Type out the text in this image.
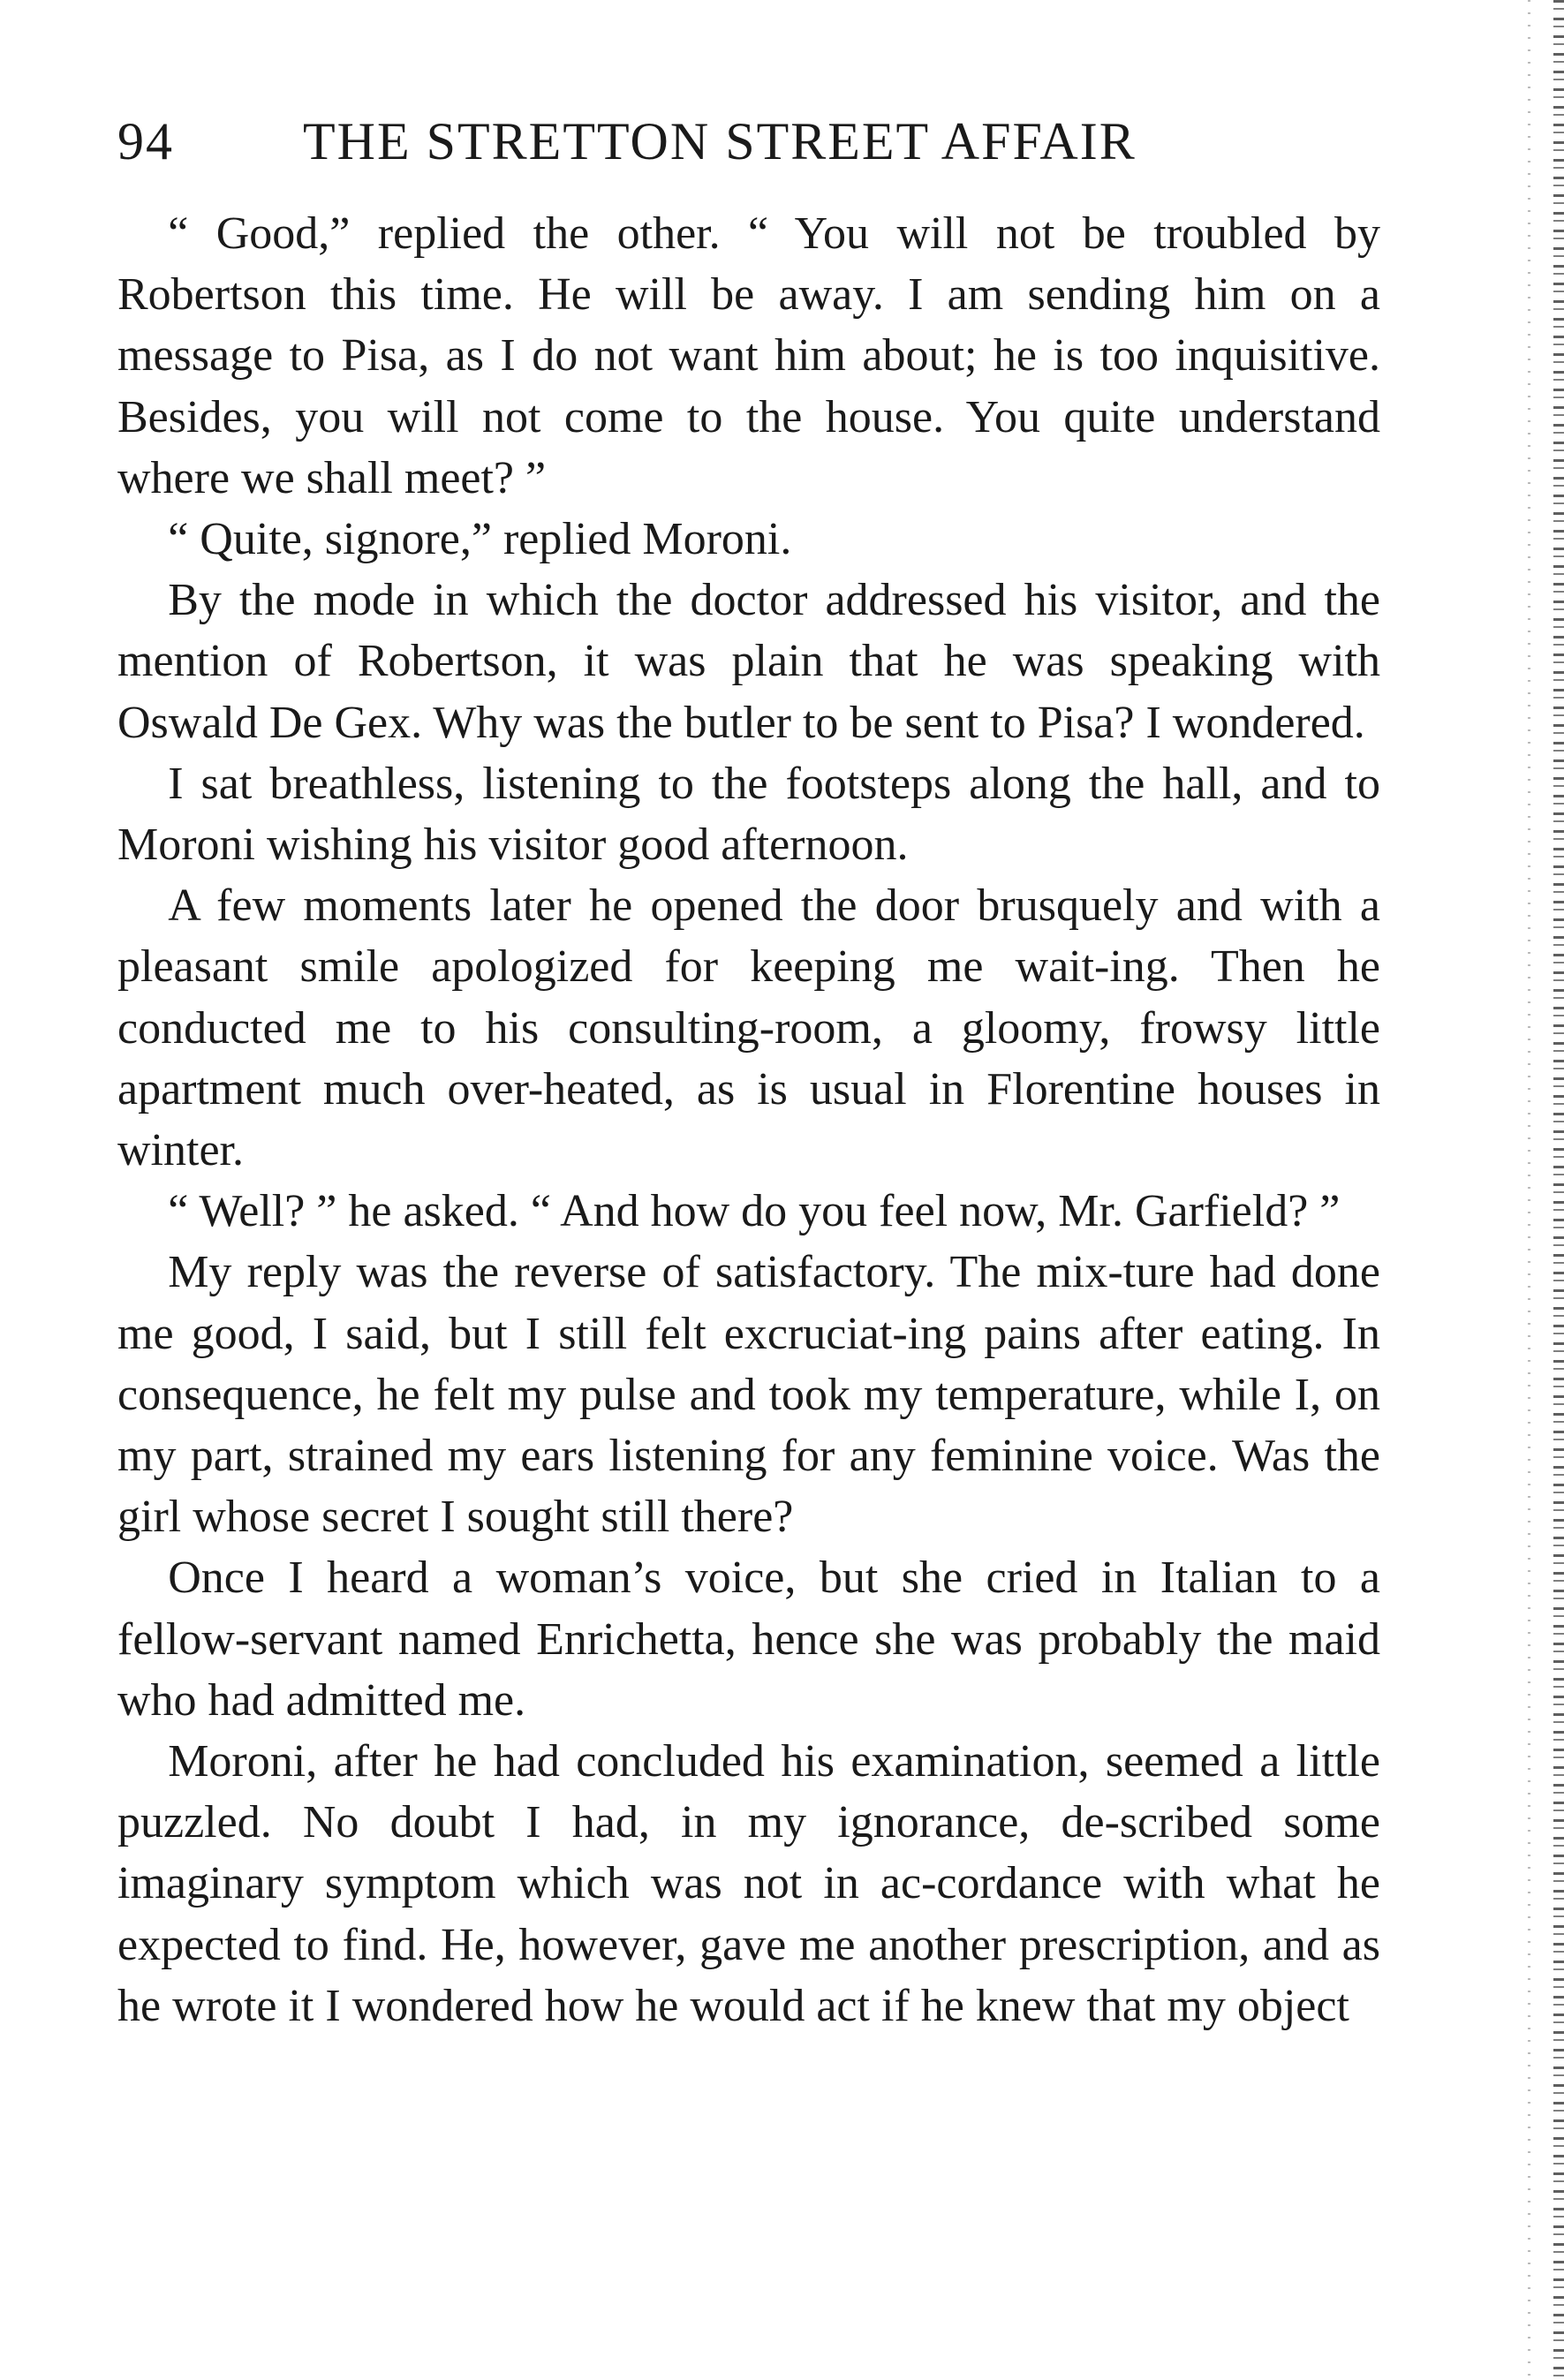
94 THE STRETTON STREET AFFAIR

“ Good,” replied the other. “ You will not be troubled by Robertson this time. He will be away. I am sending him on a message to Pisa, as I do not want him about; he is too inquisitive. Besides, you will not come to the house. You quite understand where we shall meet? ”

“ Quite, signore,” replied Moroni.

By the mode in which the doctor addressed his visitor, and the mention of Robertson, it was plain that he was speaking with Oswald De Gex. Why was the butler to be sent to Pisa? I wondered.

I sat breathless, listening to the footsteps along the hall, and to Moroni wishing his visitor good afternoon.

A few moments later he opened the door brusquely and with a pleasant smile apologized for keeping me wait-ing. Then he conducted me to his consulting-room, a gloomy, frowsy little apartment much over-heated, as is usual in Florentine houses in winter.

“ Well? ” he asked. “ And how do you feel now, Mr. Garfield? ”

My reply was the reverse of satisfactory. The mix-ture had done me good, I said, but I still felt excruciat-ing pains after eating. In consequence, he felt my pulse and took my temperature, while I, on my part, strained my ears listening for any feminine voice. Was the girl whose secret I sought still there?

Once I heard a woman’s voice, but she cried in Italian to a fellow-servant named Enrichetta, hence she was probably the maid who had admitted me.

Moroni, after he had concluded his examination, seemed a little puzzled. No doubt I had, in my ignorance, de-scribed some imaginary symptom which was not in ac-cordance with what he expected to find. He, however, gave me another prescription, and as he wrote it I wondered how he would act if he knew that my object
